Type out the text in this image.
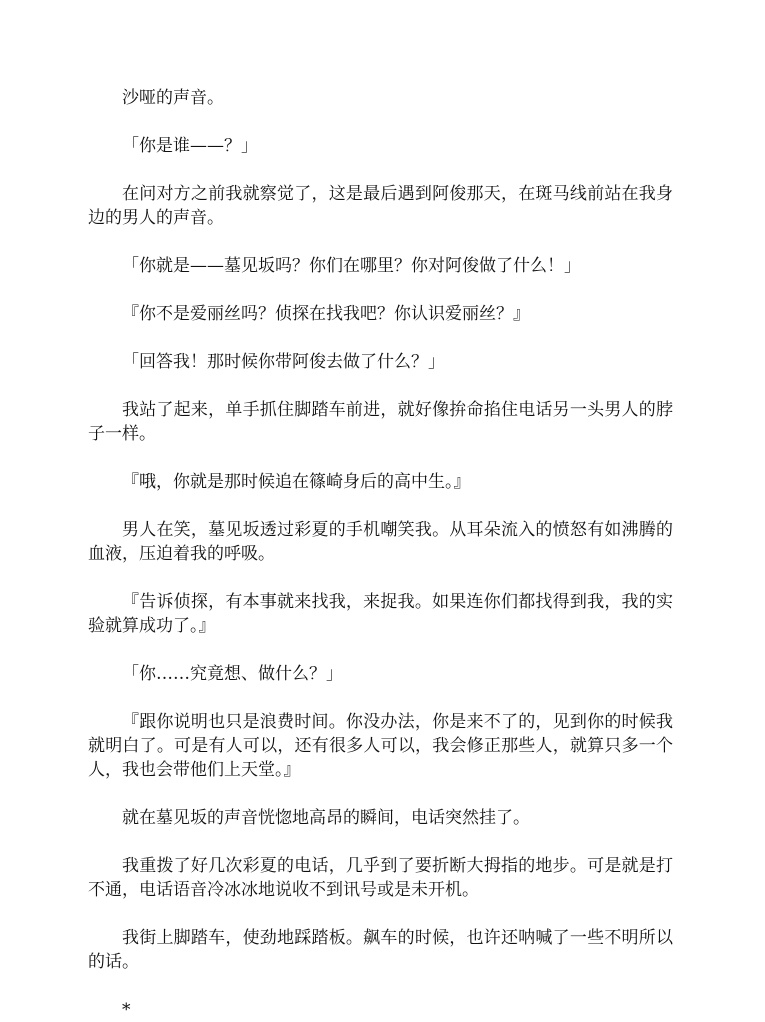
沙哑的声音。

「你是谁——？」

在问对方之前我就察觉了，这是最后遇到阿俊那天，在斑马线前站在我身边的男人的声音。

「你就是——墓见坂吗？你们在哪里？你对阿俊做了什么！」

『你不是爱丽丝吗？侦探在找我吧？你认识爱丽丝？』

「回答我！那时候你带阿俊去做了什么？」

我站了起来，单手抓住脚踏车前进，就好像拚命掐住电话另一头男人的脖子一样。

『哦，你就是那时候追在篠崎身后的高中生。』

男人在笑，墓见坂透过彩夏的手机嘲笑我。从耳朵流入的愤怒有如沸腾的血液，压迫着我的呼吸。

『告诉侦探，有本事就来找我，来捉我。如果连你们都找得到我，我的实验就算成功了。』

「你……究竟想、做什么？」

『跟你说明也只是浪费时间。你没办法，你是来不了的，见到你的时候我就明白了。可是有人可以，还有很多人可以，我会修正那些人，就算只多一个人，我也会带他们上天堂。』

就在墓见坂的声音恍惚地高昂的瞬间，电话突然挂了。

我重拨了好几次彩夏的电话，几乎到了要折断大拇指的地步。可是就是打不通，电话语音冷冰冰地说收不到讯号或是未开机。

我街上脚踏车，使劲地踩踏板。飙车的时候，也许还呐喊了一些不明所以的话。

*
